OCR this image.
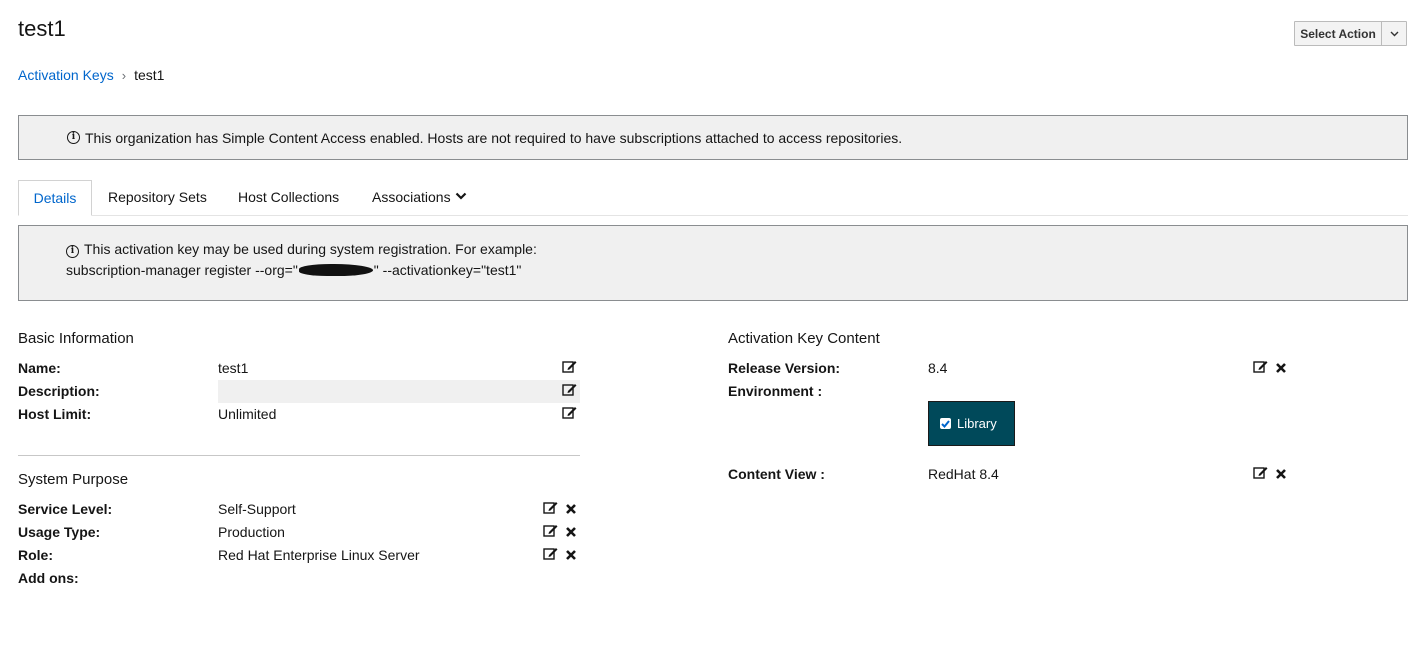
test1	Select Action
Activation Keys › test1
i This organization has Simple Content Access enabled. Hosts are not required to have subscriptions attached to access repositories.
Details	Repository Sets Host Collections Associations
i This activation key may be used during system registration. For example:
subscription-manager register --org="	" --activationkey="test1"
Basic Information
Name:	test1
Description:
Host Limit:	Unlimited
System Purpose
Service Level:	Self-Support
Usage Type:	Production
Role:	Red Hat Enterprise Linux Server
Add ons:
Activation Key Content
Release Version:	8.4
Environment :
Library
Content View :	RedHat 8.4
